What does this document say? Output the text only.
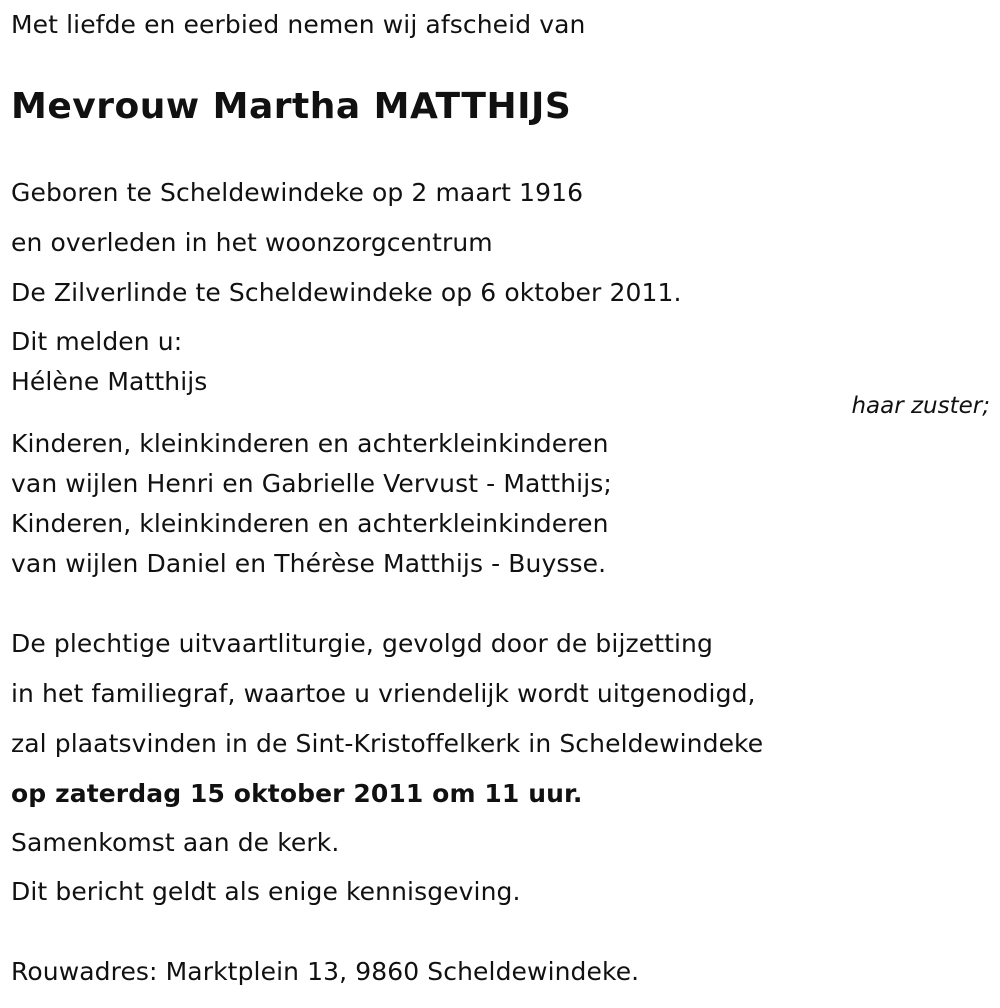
Met liefde en eerbied nemen wij afscheid van
Mevrouw Martha MATTHIJS
Geboren te Scheldewindeke op 2 maart 1916
en overleden in het woonzorgcentrum
De Zilverlinde te Scheldewindeke op 6 oktober 2011.
Dit melden u:
Hélène Matthijs
haar zuster;
Kinderen, kleinkinderen en achterkleinkinderen
van wijlen Henri en Gabrielle Vervust - Matthijs;
Kinderen, kleinkinderen en achterkleinkinderen
van wijlen Daniel en Thérèse Matthijs - Buysse.
De plechtige uitvaartliturgie, gevolgd door de bijzetting
in het familiegraf, waartoe u vriendelijk wordt uitgenodigd,
zal plaatsvinden in de Sint-Kristoffelkerk in Scheldewindeke
op zaterdag 15 oktober 2011 om 11 uur.
Samenkomst aan de kerk.
Dit bericht geldt als enige kennisgeving.
Rouwadres: Marktplein 13, 9860 Scheldewindeke.
